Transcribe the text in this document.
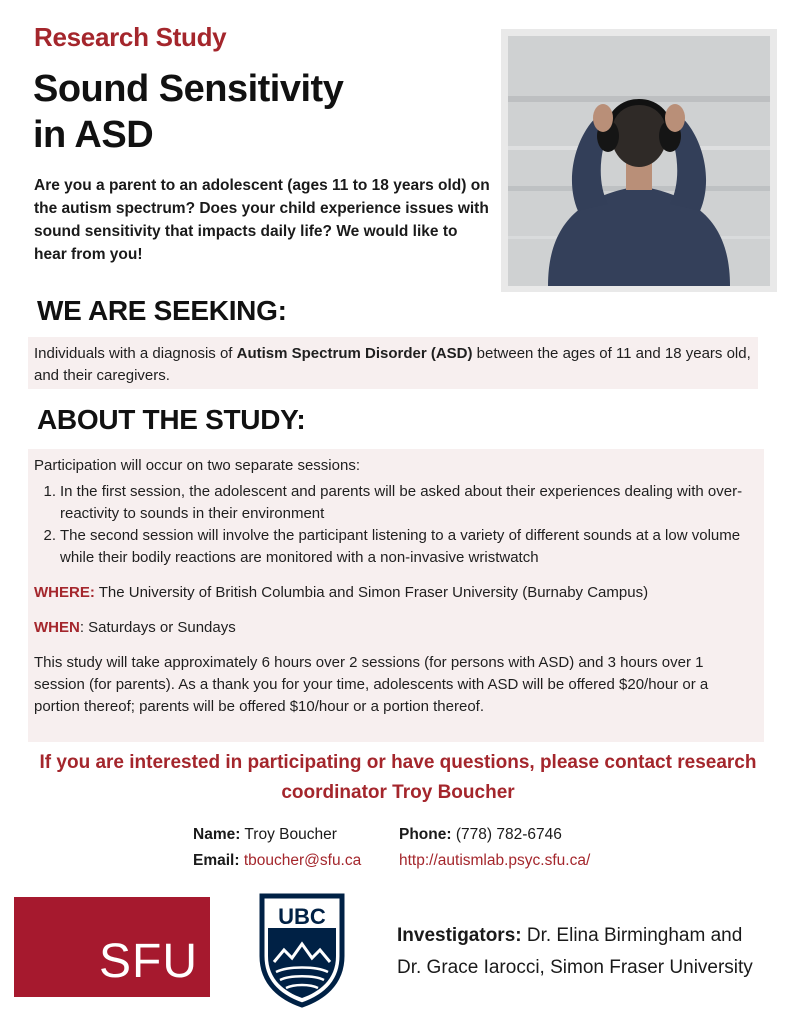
Research Study
Sound Sensitivity
in ASD
Are you a parent to an adolescent (ages 11 to 18 years old) on the autism spectrum? Does your child experience issues with sound sensitivity that impacts daily life? We would like to hear from you!
WE ARE SEEKING:

Individuals with a diagnosis of Autism Spectrum Disorder (ASD) between the ages of 11 and 18 years old, and their caregivers.

ABOUT THE STUDY:

Participation will occur on two separate sessions:

1. In the first session, the adolescent and parents will be asked about their experiences dealing with over-reactivity to sounds in their environment
2. The second session will involve the participant listening to a variety of different sounds at a low volume while their bodily reactions are monitored with a non-invasive wristwatch

WHERE: The University of British Columbia and Simon Fraser University (Burnaby Campus)

WHEN: Saturdays or Sundays

This study will take approximately 6 hours over 2 sessions (for persons with ASD) and 3 hours over 1 session (for parents). As a thank you for your time, adolescents with ASD will be offered $20/hour or a portion thereof; parents will be offered $10/hour or a portion thereof.

If you are interested in participating or have questions, please contact research
coordinator Troy Boucher
Name: Troy Boucher
Email: tboucher@sfu.ca
Phone: (778) 782-6746
http://autismlab.psyc.sfu.ca/
SFU
UBC
Investigators: Dr. Elina Birmingham and
Dr. Grace Iarocci, Simon Fraser University
